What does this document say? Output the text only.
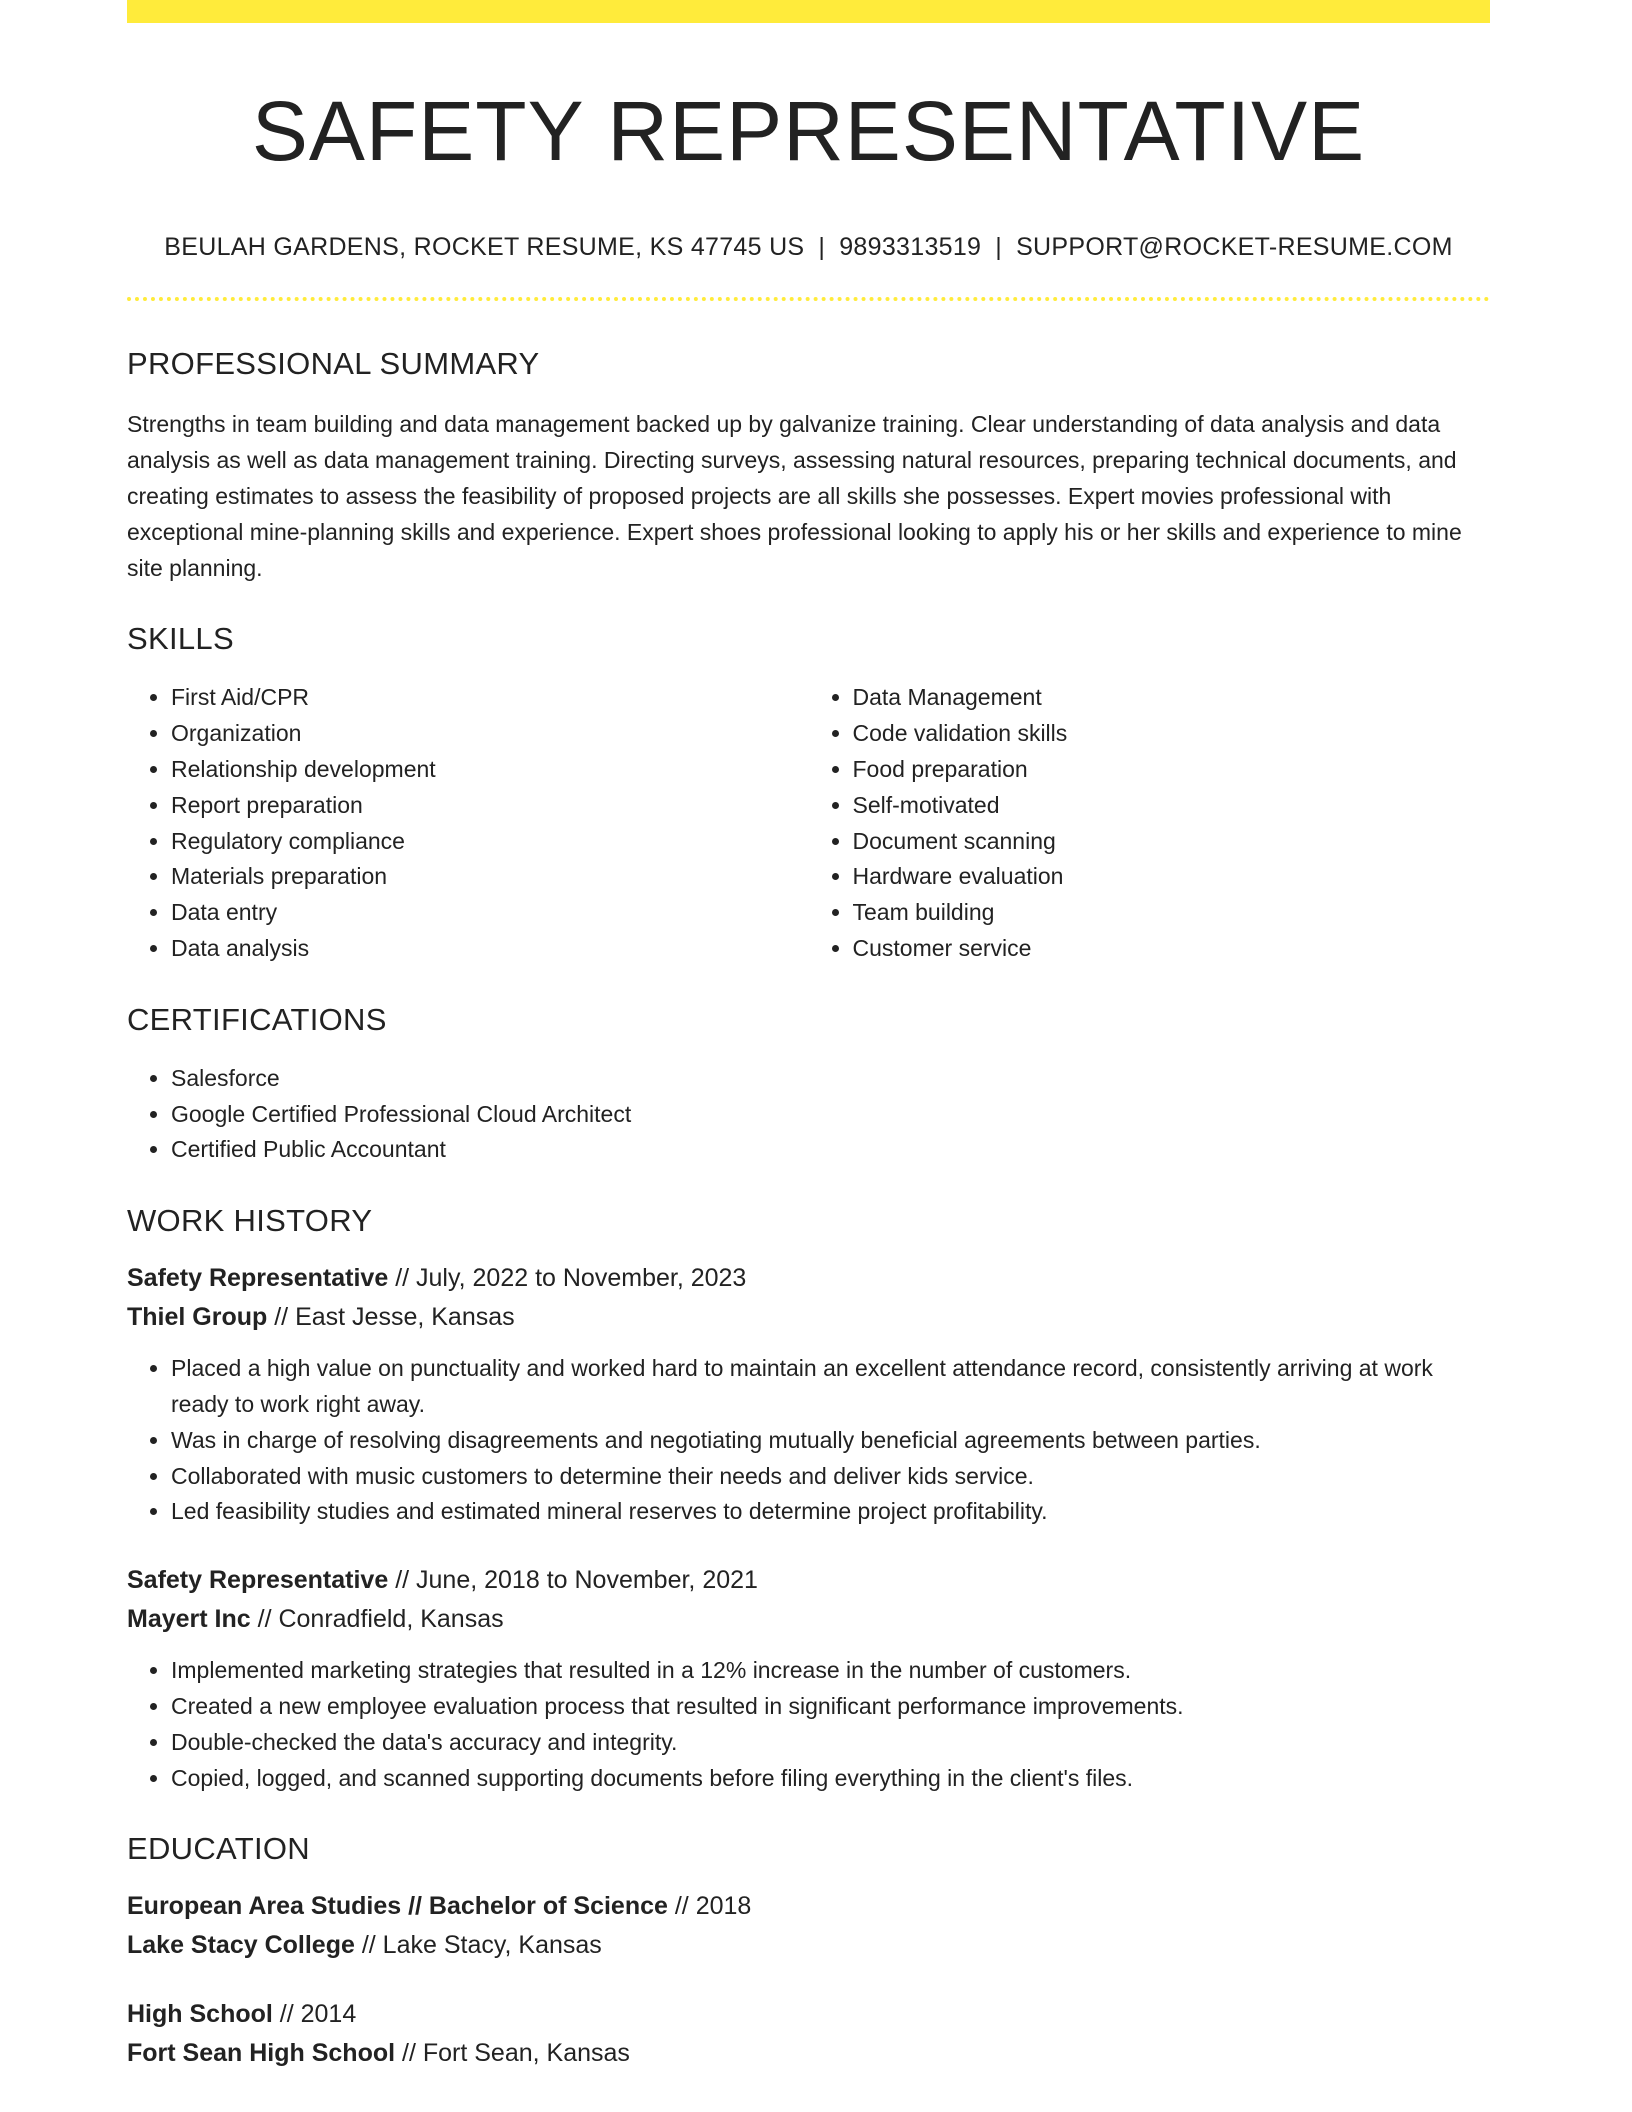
SAFETY REPRESENTATIVE
BEULAH GARDENS, ROCKET RESUME, KS 47745 US | 9893313519 | SUPPORT@ROCKET-RESUME.COM
PROFESSIONAL SUMMARY

Strengths in team building and data management backed up by galvanize training. Clear understanding of data analysis and data analysis as well as data management training. Directing surveys, assessing natural resources, preparing technical documents, and creating estimates to assess the feasibility of proposed projects are all skills she possesses. Expert movies professional with exceptional mine-planning skills and experience. Expert shoes professional looking to apply his or her skills and experience to mine site planning.

SKILLS
• First Aid/CPR
• Organization
• Relationship development
• Report preparation
• Regulatory compliance
• Materials preparation
• Data entry
• Data analysis
• Data Management
• Code validation skills
• Food preparation
• Self-motivated
• Document scanning
• Hardware evaluation
• Team building
• Customer service
CERTIFICATIONS
• Salesforce
• Google Certified Professional Cloud Architect
• Certified Public Accountant
WORK HISTORY
Safety Representative // July, 2022 to November, 2023
Thiel Group // East Jesse, Kansas
• Placed a high value on punctuality and worked hard to maintain an excellent attendance record, consistently arriving at work ready to work right away.
• Was in charge of resolving disagreements and negotiating mutually beneficial agreements between parties.
• Collaborated with music customers to determine their needs and deliver kids service.
• Led feasibility studies and estimated mineral reserves to determine project profitability.
Safety Representative // June, 2018 to November, 2021
Mayert Inc // Conradfield, Kansas
• Implemented marketing strategies that resulted in a 12% increase in the number of customers.
• Created a new employee evaluation process that resulted in significant performance improvements.
• Double-checked the data's accuracy and integrity.
• Copied, logged, and scanned supporting documents before filing everything in the client's files.
EDUCATION
European Area Studies // Bachelor of Science // 2018
Lake Stacy College // Lake Stacy, Kansas
High School // 2014
Fort Sean High School // Fort Sean, Kansas
